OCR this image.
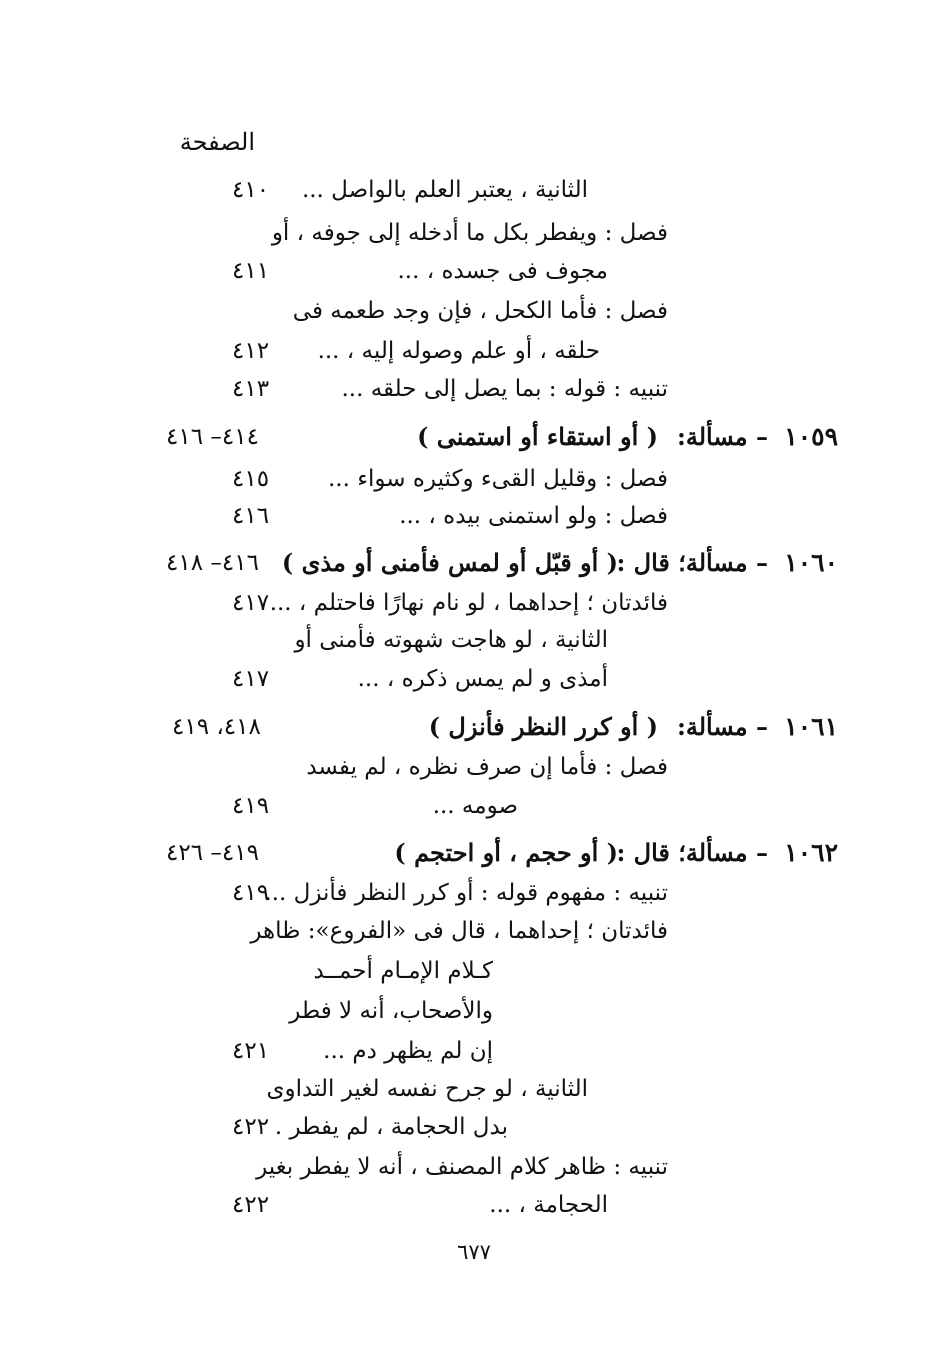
الصفحة
الثانية ، يعتبر العلم بالواصل ...
٤١٠
فصل : ويفطر بكل ما أدخله إلى جوفه ، أو
مجوف فى جسده ، ...
٤١١
فصل : فأما الكحل ، فإن وجد طعمه فى
حلقه ، أو علم وصوله إليه ، ...
٤١٢
تنبيه : قوله : بما يصل إلى حلقه ...
٤١٣
١٠٥٩
– مسألة:
( أو استقاء أو استمنى )
٤١٤– ٤١٦
فصل : وقليل القىء وكثيره سواء ...
٤١٥
فصل : ولو استمنى بيده ، ...
٤١٦
١٠٦٠
– مسألة؛ قال :
( أو قبّل أو لمس فأمنى أو مذى )
٤١٦– ٤١٨
فائدتان ؛ إحداهما ، لو نام نهارًا فاحتلم ، ...
٤١٧
الثانية ، لو هاجت شهوته فأمنى أو
أمذى و لم يمس ذكره ، ...
٤١٧
١٠٦١
– مسألة:
( أو كرر النظر فأنزل )
٤١٨، ٤١٩
فصل : فأما إن صرف نظره ، لم يفسد
صومه ...
٤١٩
١٠٦٢
– مسألة؛ قال :
( أو حجم ، أو احتجم )
٤١٩– ٤٢٦
تنبيه : مفهوم قوله : أو كرر النظر فأنزل ...
٤١٩
فائدتان ؛ إحداهما ، قال فى «الفروع»: ظاهر
كـلام الإمـام أحمــد
والأصحاب، أنه لا فطر
إن لم يظهر دم ...
٤٢١
الثانية ، لو جرح نفسه لغير التداوى
بدل الحجامة ، لم يفطر .
٤٢٢
تنبيه : ظاهر كلام المصنف ، أنه لا يفطر بغير
الحجامة ، ...
٤٢٢
٦٧٧
